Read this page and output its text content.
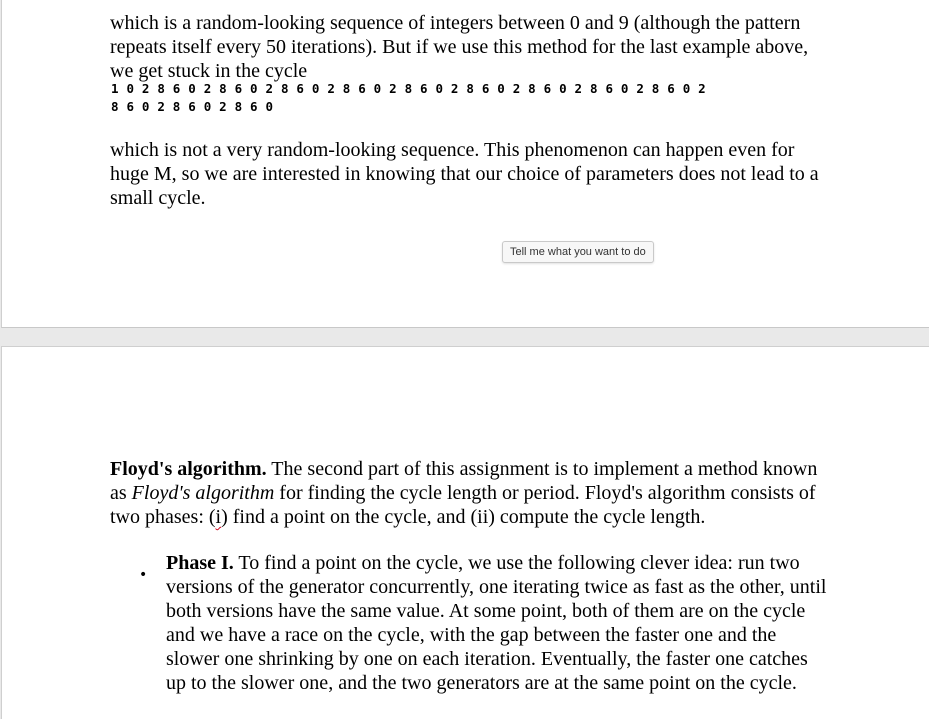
which is a random-looking sequence of integers between 0 and 9 (although the pattern repeats itself every 50 iterations). But if we use this method for the last example above, we get stuck in the cycle

1 0 2 8 6 0 2 8 6 0 2 8 6 0 2 8 6 0 2 8 6 0 2 8 6 0 2 8 6 0 2 8 6 0 2 8 6 0 2
8 6 0 2 8 6 0 2 8 6 0

which is not a very random-looking sequence. This phenomenon can happen even for huge M, so we are interested in knowing that our choice of parameters does not lead to a small cycle.

Tell me what you want to do

Floyd's algorithm. The second part of this assignment is to implement a method known as Floyd's algorithm for finding the cycle length or period. Floyd's algorithm consists of two phases: (i) find a point on the cycle, and (ii) compute the cycle length.

•

Phase I. To find a point on the cycle, we use the following clever idea: run two versions of the generator concurrently, one iterating twice as fast as the other, until both versions have the same value. At some point, both of them are on the cycle and we have a race on the cycle, with the gap between the faster one and the slower one shrinking by one on each iteration. Eventually, the faster one catches up to the slower one, and the two generators are at the same point on the cycle.
